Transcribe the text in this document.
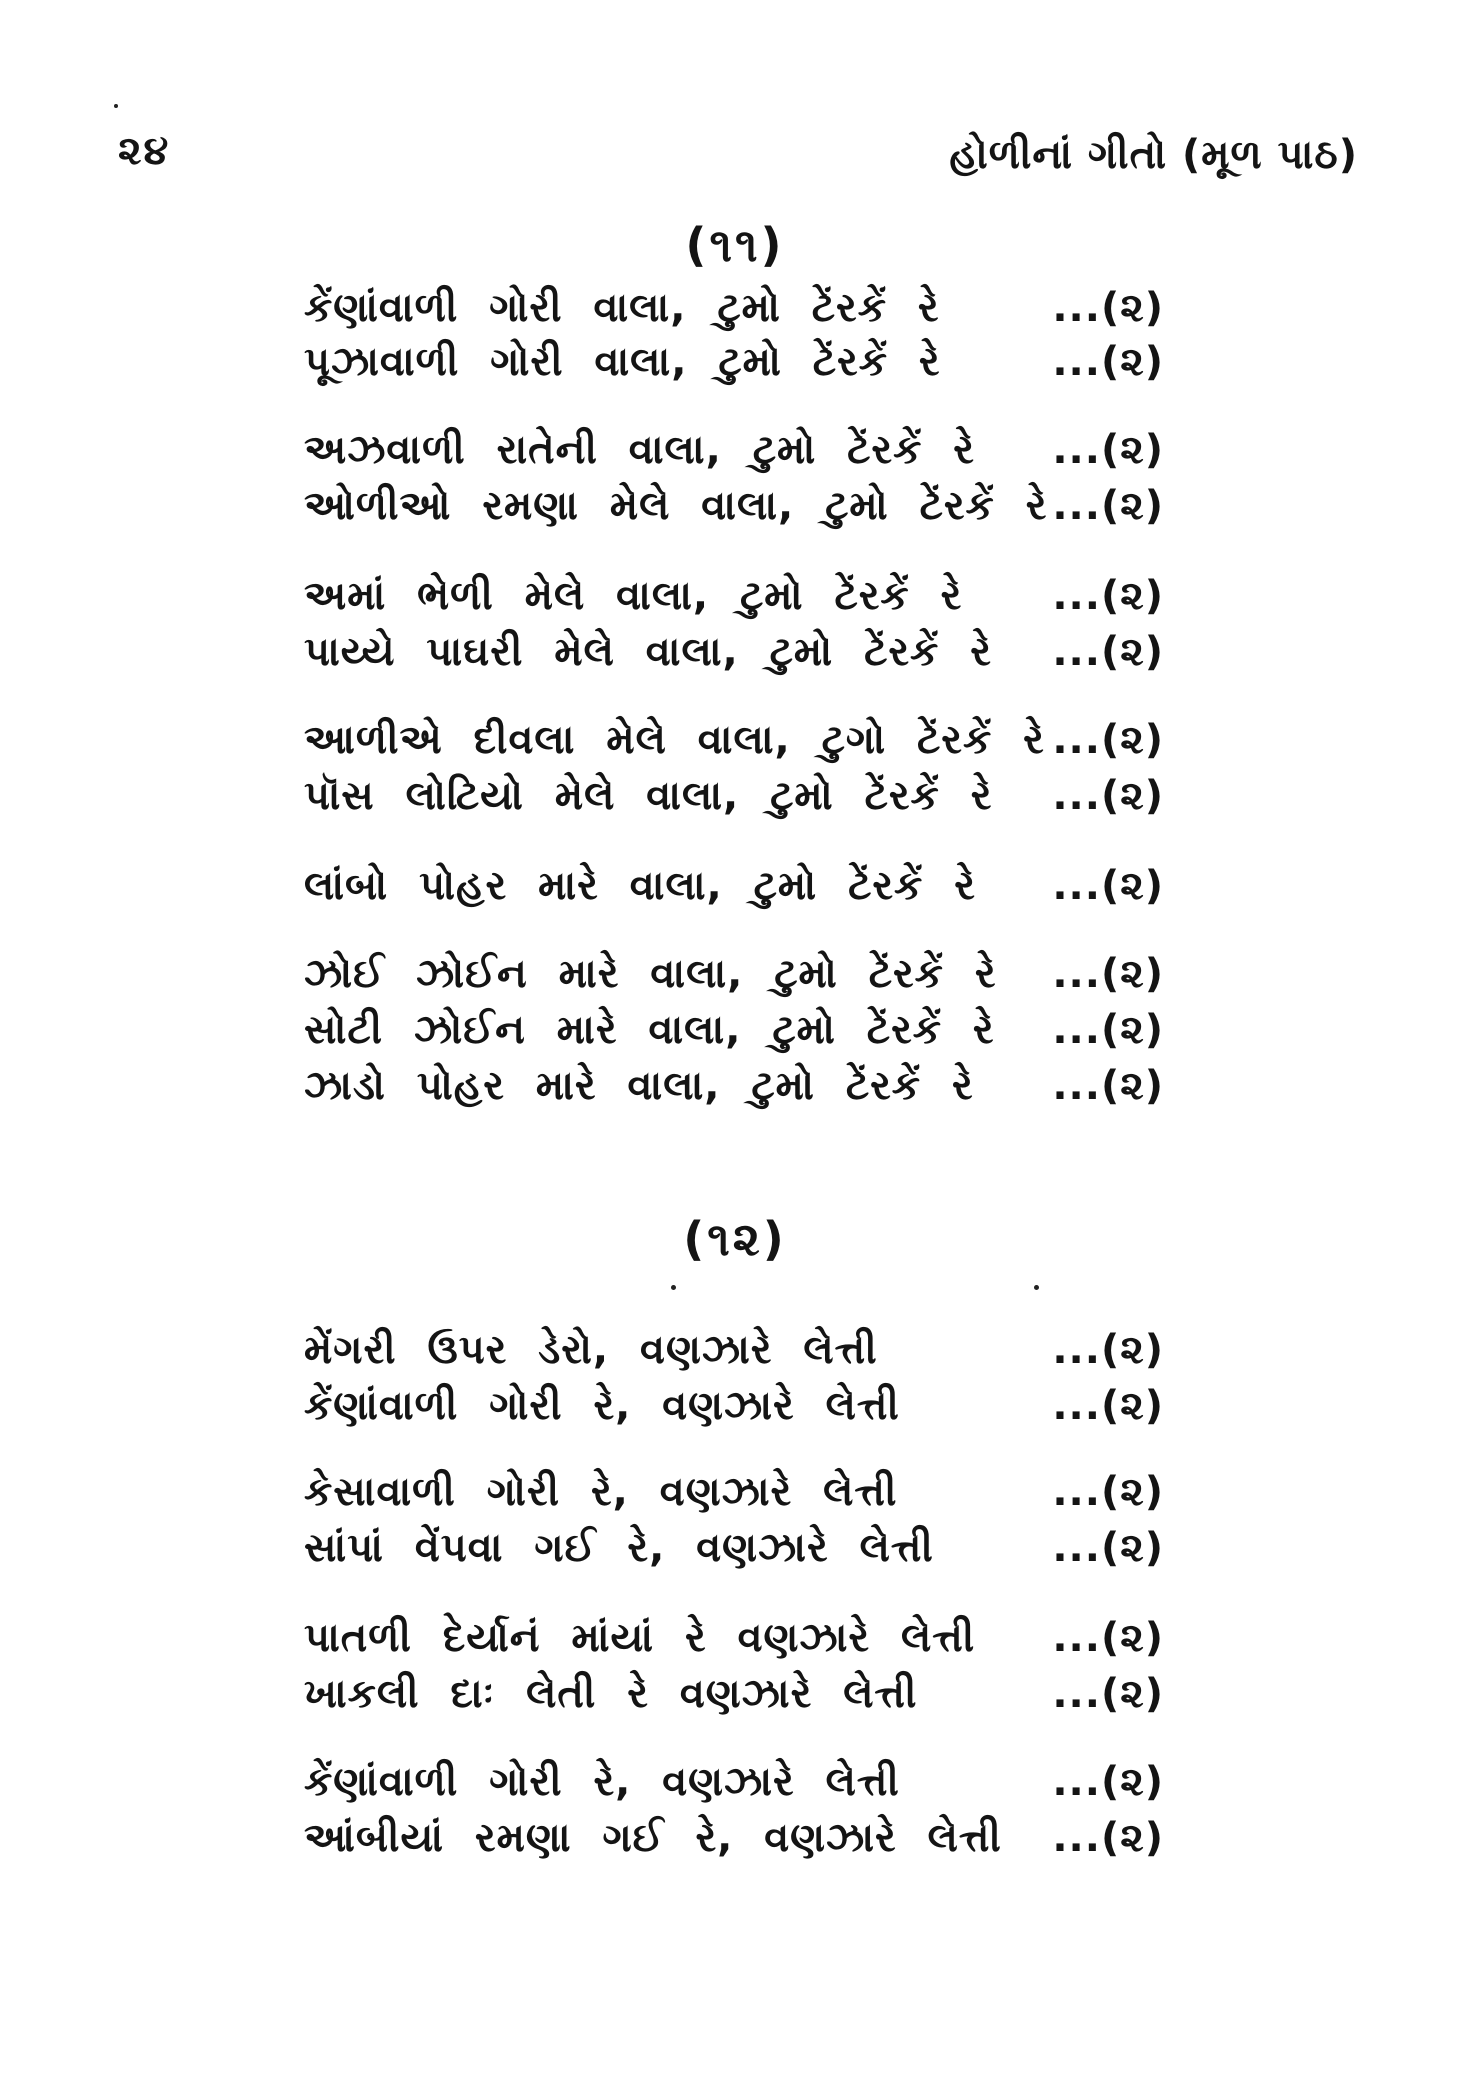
૨૪	હોળીનાં ગીતો (મૂળ પાઠ)
(૧૧)
કેંણાંવાળી ગોરી વાલા, ટુમો ટેંરકેં રે	...(૨)
પૂઝાવાળી ગોરી વાલા, ટુમો ટેંરકેં રે	...(૨)
અઝવાળી રાતેની વાલા, ટુમો ટેંરકેં રે ...(૨)
ઓળીઓ રમણા મેલે વાલા, ટુમો ટેંરકેં રે ...(૨)
અમાં ભેળી મેલે વાલા, ટુમો ટેંરકેં રે ...(૨)
પાય્યે પાઘરી મેલે વાલા, ટુમો ટેંરકેં રે ...(૨)
આળીએ દીવલા મેલે વાલા, ટુગો ટેંરકેં રે ...(૨)
પૉસ લોટિયો મેલે વાલા, ટુમો ટેંરકેં રે ...(૨)
લાંબો પોહર મારે વાલા, ટુમો ટેંરકેં રે ...(૨)
ઝોઈ ઝોઈન મારે વાલા, ટુમો ટેંરકેં રે ...(૨)
સોટી ઝોઈન મારે વાલા, ટુમો ટેંરકેં રે ...(૨)
ઝાડો પોહર મારે વાલા, ટુમો ટેંરકેં રે ...(૨)
(૧૨)
મેંગરી ઉપર ડેરો, વણઝારે લેત્તી	...(૨)
કેંણાંવાળી ગોરી રે, વણઝારે લેત્તી	...(૨)
કેસાવાળી ગોરી રે, વણઝારે લેત્તી	...(૨)
સાંપાં વેંપવા ગઈ રે, વણઝારે લેત્તી	...(૨)
પાતળી દેર્યાનં માંયાં રે વણઝારે લેત્તી ...(૨)
ખાકલી દાઃ લેતી રે વણઝારે લેત્તી	...(૨)
કેંણાંવાળી ગોરી રે, વણઝારે લેત્તી	...(૨)
આંબીયાં રમણા ગઈ રે, વણઝારે લેત્તી ...(૨)
